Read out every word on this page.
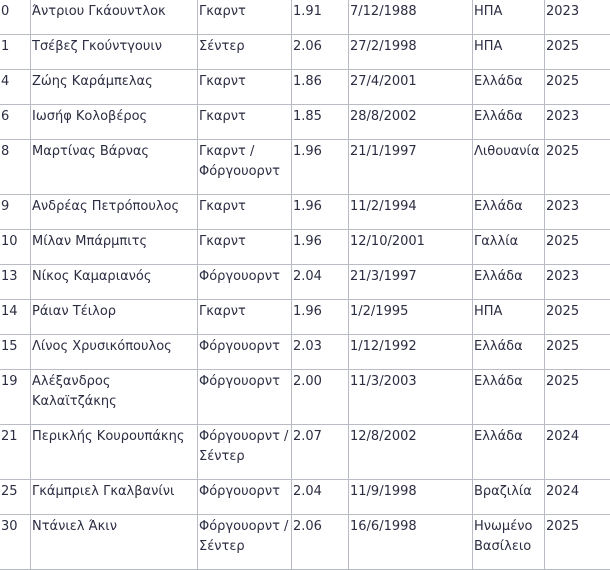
0	Άντριου Γκάουντλοκ	Γκαρντ	1.91	7/12/1988	ΗΠΑ	2023
1	Τσέβεζ Γκούντγουιν	Σέντερ	2.06	27/2/1998	ΗΠΑ	2025
4	Ζώης Καράμπελας	Γκαρντ	1.86	27/4/2001	Ελλάδα	2025
6	Ιωσήφ Κολοβέρος	Γκαρντ	1.85	28/8/2002	Ελλάδα	2023
8	Μαρτίνας Βάρνας	Γκαρντ / Φόργουορντ	1.96	21/1/1997	Λιθουανία	2025
9	Ανδρέας Πετρόπουλος	Γκαρντ	1.96	11/2/1994	Ελλάδα	2023
10	Μίλαν Μπάρμπιτς	Γκαρντ	1.96	12/10/2001	Γαλλία	2025
13	Νίκος Καμαριανός	Φόργουορντ	2.04	21/3/1997	Ελλάδα	2023
14	Ράιαν Τέιλορ	Γκαρντ	1.96	1/2/1995	ΗΠΑ	2025
15	Λίνος Χρυσικόπουλος	Φόργουορντ	2.03	1/12/1992	Ελλάδα	2025
19	Αλέξανδρος Καλαϊτζάκης	Φόργουορντ	2.00	11/3/2003	Ελλάδα	2025
21	Περικλής Κουρουπάκης	Φόργουορντ / Σέντερ	2.07	12/8/2002	Ελλάδα	2024
25	Γκάμπριελ Γκαλβανίνι	Φόργουορντ	2.04	11/9/1998	Βραζιλία	2024
30	Ντάνιελ Άκιν	Φόργουορντ / Σέντερ	2.06	16/6/1998	Ηνωμένο Βασίλειο	2025
